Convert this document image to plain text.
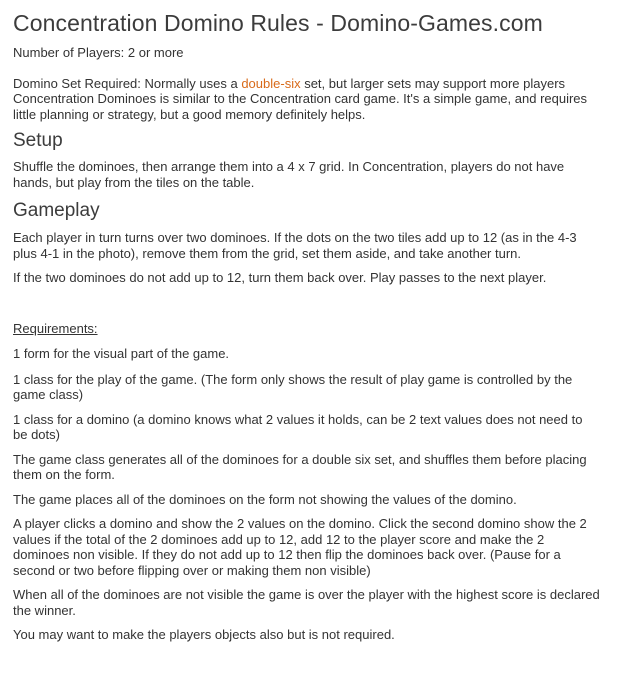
Concentration Domino Rules - Domino-Games.com

Number of Players: 2 or more

Domino Set Required: Normally uses a double-six set, but larger sets may support more players

Concentration Dominoes is similar to the Concentration card game. It's a simple game, and requires little planning or strategy, but a good memory definitely helps.

Setup

Shuffle the dominoes, then arrange them into a 4 x 7 grid. In Concentration, players do not have hands, but play from the tiles on the table.

Gameplay

Each player in turn turns over two dominoes. If the dots on the two tiles add up to 12 (as in the 4-3 plus 4-1 in the photo), remove them from the grid, set them aside, and take another turn.

If the two dominoes do not add up to 12, turn them back over. Play passes to the next player.

Requirements:

1 form for the visual part of the game.

1 class for the play of the game. (The form only shows the result of play game is controlled by the game class)

1 class for a domino (a domino knows what 2 values it holds, can be 2 text values does not need to be dots)

The game class generates all of the dominoes for a double six set, and shuffles them before placing them on the form.

The game places all of the dominoes on the form not showing the values of the domino.

A player clicks a domino and show the 2 values on the domino. Click the second domino show the 2 values if the total of the 2 dominoes add up to 12, add 12 to the player score and make the 2 dominoes non visible. If they do not add up to 12 then flip the dominoes back over. (Pause for a second or two before flipping over or making them non visible)

When all of the dominoes are not visible the game is over the player with the highest score is declared the winner.

You may want to make the players objects also but is not required.
